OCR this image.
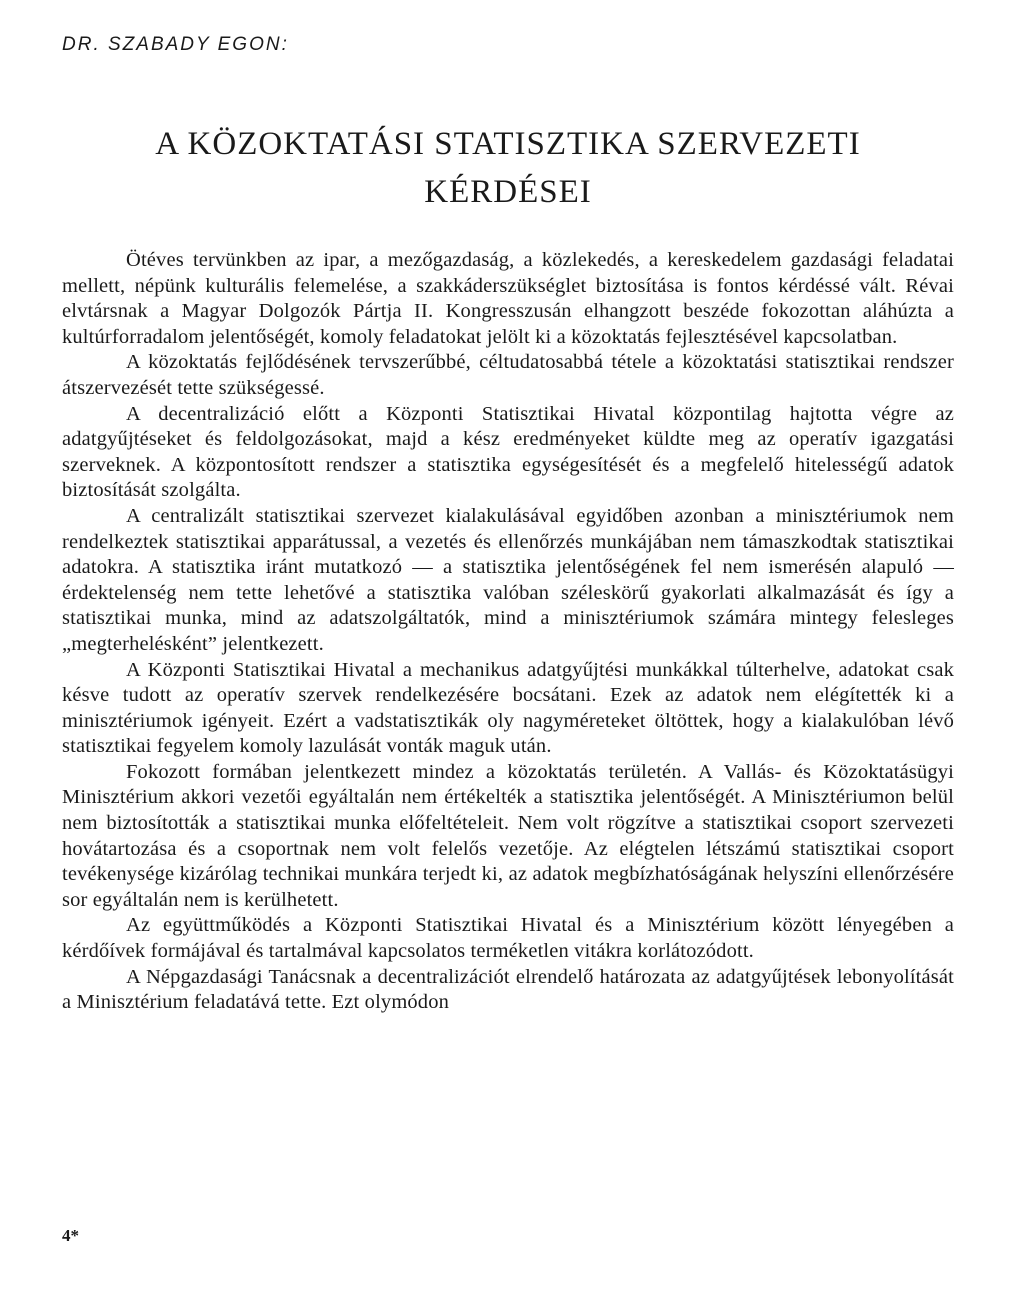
DR. SZABADY EGON:

A KÖZOKTATÁSI STATISZTIKA SZERVEZETI
KÉRDÉSEI

Ötéves tervünkben az ipar, a mezőgazdaság, a közlekedés, a kereskedelem gazdasági feladatai mellett, népünk kulturális felemelése, a szakkáderszükséglet biztosítása is fontos kérdéssé vált. Révai elvtársnak a Magyar Dolgozók Pártja II. Kongresszusán elhangzott beszéde fokozottan aláhúzta a kultúrforradalom jelentőségét, komoly feladatokat jelölt ki a közoktatás fejlesztésével kapcsolatban.

A közoktatás fejlődésének tervszerűbbé, céltudatosabbá tétele a közoktatási statisztikai rendszer átszervezését tette szükségessé.

A decentralizáció előtt a Központi Statisztikai Hivatal központilag hajtotta végre az adatgyűjtéseket és feldolgozásokat, majd a kész eredményeket küldte meg az operatív igazgatási szerveknek. A központosított rendszer a statisztika egységesítését és a megfelelő hitelességű adatok biztosítását szolgálta.

A centralizált statisztikai szervezet kialakulásával egyidőben azonban a minisztériumok nem rendelkeztek statisztikai apparátussal, a vezetés és ellenőrzés munkájában nem támaszkodtak statisztikai adatokra. A statisztika iránt mutatkozó — a statisztika jelentőségének fel nem ismerésén alapuló — érdektelenség nem tette lehetővé a statisztika valóban széleskörű gyakorlati alkalmazását és így a statisztikai munka, mind az adatszolgáltatók, mind a minisztériumok számára mintegy felesleges „megterhelésként” jelentkezett.

A Központi Statisztikai Hivatal a mechanikus adatgyűjtési munkákkal túlterhelve, adatokat csak késve tudott az operatív szervek rendelkezésére bocsátani. Ezek az adatok nem elégítették ki a minisztériumok igényeit. Ezért a vadstatisztikák oly nagyméreteket öltöttek, hogy a kialakulóban lévő statisztikai fegyelem komoly lazulását vonták maguk után.

Fokozott formában jelentkezett mindez a közoktatás területén. A Vallás- és Közoktatásügyi Minisztérium akkori vezetői egyáltalán nem értékelték a statisztika jelentőségét. A Minisztériumon belül nem biztosították a statisztikai munka előfeltételeit. Nem volt rögzítve a statisztikai csoport szervezeti hovátartozása és a csoportnak nem volt felelős vezetője. Az elégtelen létszámú statisztikai csoport tevékenysége kizárólag technikai munkára terjedt ki, az adatok megbízhatóságának helyszíni ellenőrzésére sor egyáltalán nem is kerülhetett.

Az együttműködés a Központi Statisztikai Hivatal és a Minisztérium között lényegében a kérdőívek formájával és tartalmával kapcsolatos terméketlen vitákra korlátozódott.

A Népgazdasági Tanácsnak a decentralizációt elrendelő határozata az adatgyűjtések lebonyolítását a Minisztérium feladatává tette. Ezt olymódon

4*
